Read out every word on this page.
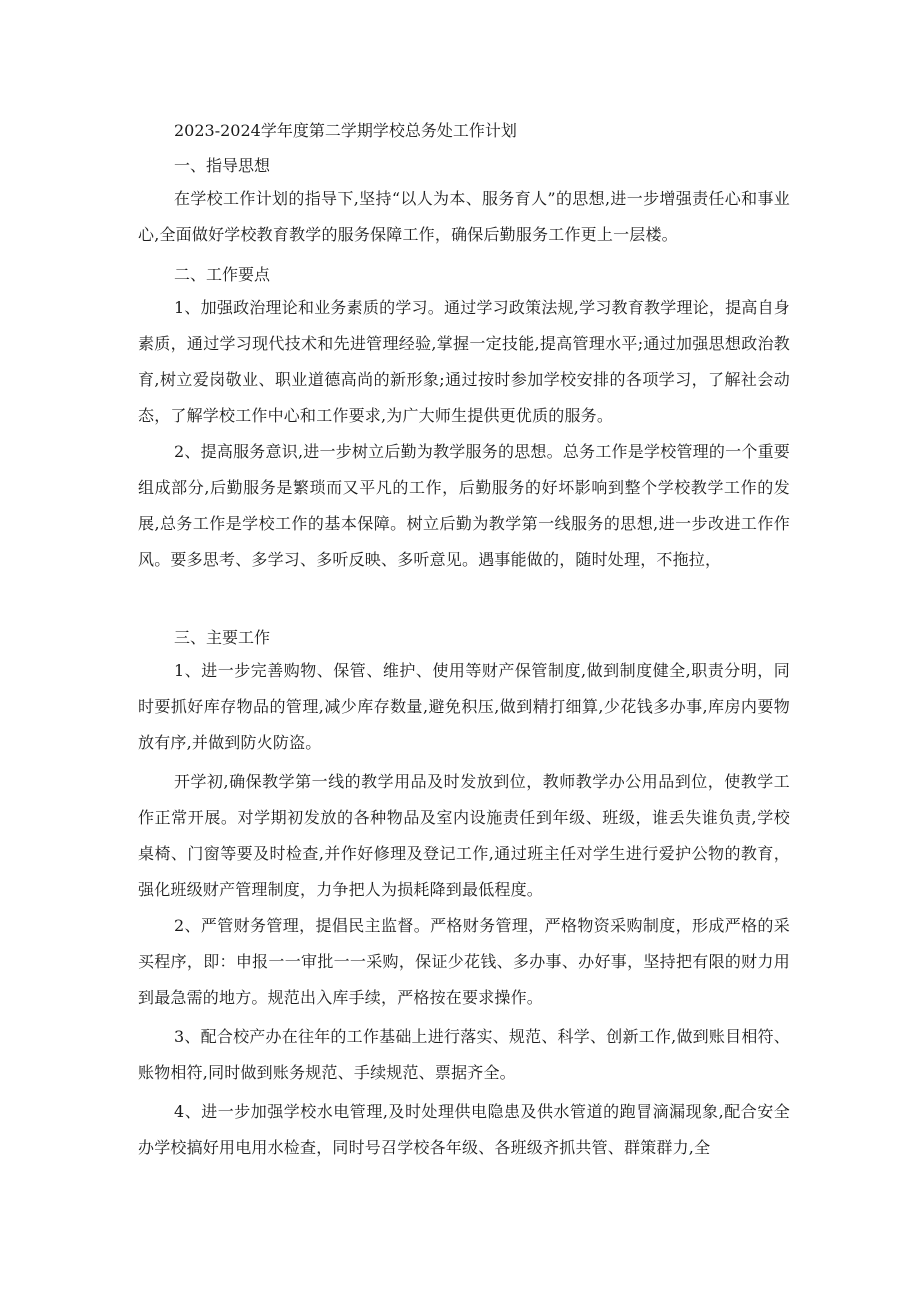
2023-2024学年度第二学期学校总务处工作计划
一、指导思想
在学校工作计划的指导下,坚持“以人为本、服务育人”的思想,进一步增强责任心和事业心,全面做好学校教育教学的服务保障工作，确保后勤服务工作更上一层楼。
二、工作要点
1、加强政治理论和业务素质的学习。通过学习政策法规,学习教育教学理论，提高自身素质，通过学习现代技术和先进管理经验,掌握一定技能,提高管理水平;通过加强思想政治教育,树立爱岗敬业、职业道德高尚的新形象;通过按时参加学校安排的各项学习，了解社会动态，了解学校工作中心和工作要求,为广大师生提供更优质的服务。
2、提高服务意识,进一步树立后勤为教学服务的思想。总务工作是学校管理的一个重要组成部分,后勤服务是繁琐而又平凡的工作，后勤服务的好坏影响到整个学校教学工作的发展,总务工作是学校工作的基本保障。树立后勤为教学第一线服务的思想,进一步改进工作作风。要多思考、多学习、多听反映、多听意见。遇事能做的，随时处理，不拖拉，
三、主要工作
1、进一步完善购物、保管、维护、使用等财产保管制度,做到制度健全,职责分明，同时要抓好库存物品的管理,减少库存数量,避免积压,做到精打细算,少花钱多办事,库房内要物放有序,并做到防火防盗。
开学初,确保教学第一线的教学用品及时发放到位，教师教学办公用品到位，使教学工作正常开展。对学期初发放的各种物品及室内设施责任到年级、班级，谁丢失谁负责,学校桌椅、门窗等要及时检查,并作好修理及登记工作,通过班主任对学生进行爱护公物的教育，强化班级财产管理制度，力争把人为损耗降到最低程度。
2、严管财务管理，提倡民主监督。严格财务管理，严格物资采购制度，形成严格的采买程序，即：申报一一审批一一采购，保证少花钱、多办事、办好事，坚持把有限的财力用到最急需的地方。规范出入库手续，严格按在要求操作。
3、配合校产办在往年的工作基础上进行落实、规范、科学、创新工作,做到账目相符、账物相符,同时做到账务规范、手续规范、票据齐全。
4、进一步加强学校水电管理,及时处理供电隐患及供水管道的跑冒滴漏现象,配合安全办学校搞好用电用水检查，同时号召学校各年级、各班级齐抓共管、群策群力,全
